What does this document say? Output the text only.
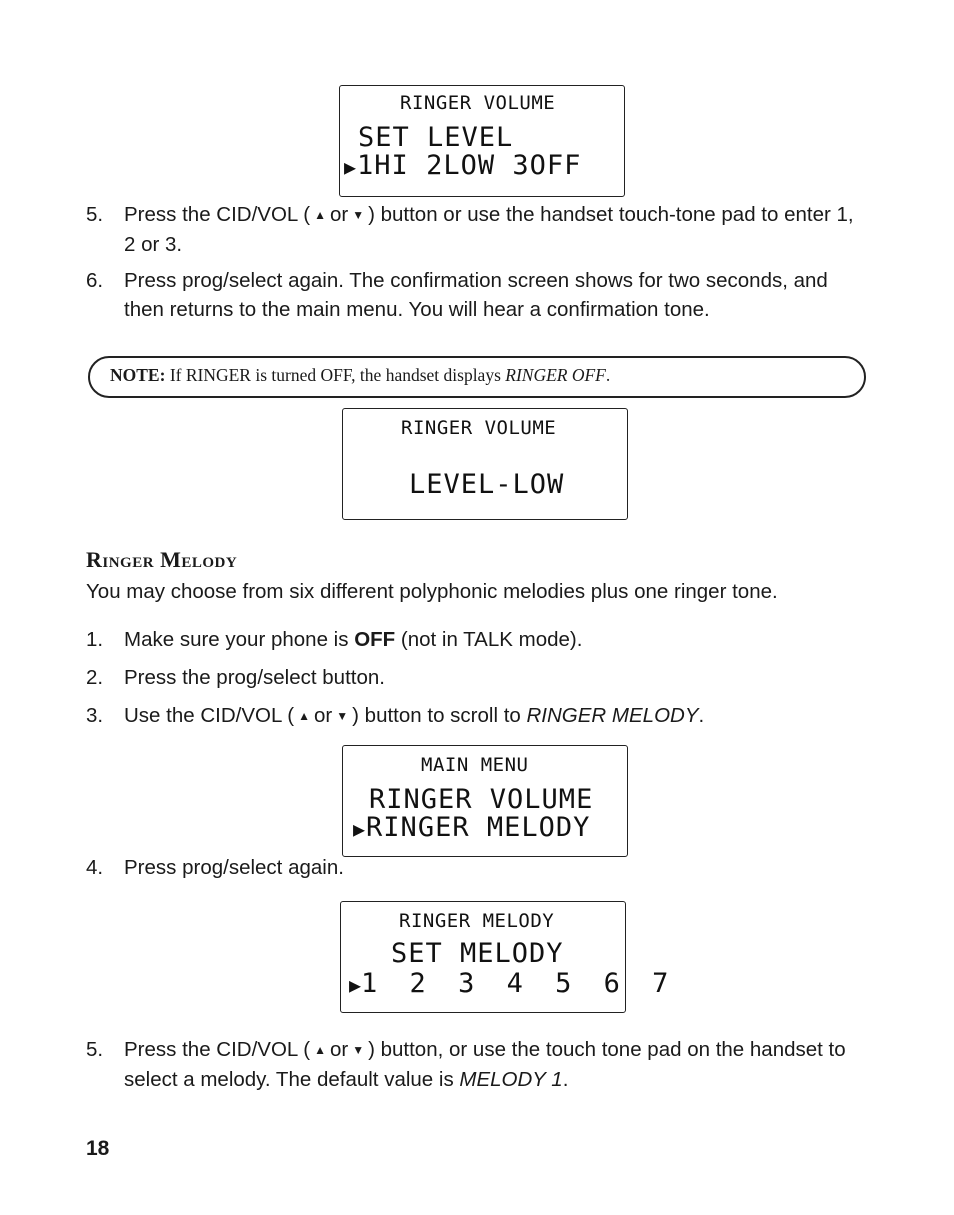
RINGER VOLUME

SET LEVEL

▶1HI 2LOW 3OFF

5. Press the CID/VOL ( ▲ or ▼ ) button or use the handset touch-tone pad to enter 1, 2 or 3.
6. Press prog/select again. The confirmation screen shows for two seconds, and then returns to the main menu. You will hear a confirmation tone.
NOTE: If RINGER is turned OFF, the handset displays RINGER OFF.

RINGER VOLUME

LEVEL-LOW

Ringer Melody
You may choose from six different polyphonic melodies plus one ringer tone.
1. Make sure your phone is OFF (not in TALK mode).
2. Press the prog/select button.
3. Use the CID/VOL ( ▲ or ▼ ) button to scroll to RINGER MELODY.

MAIN MENU

RINGER VOLUME

▶RINGER MELODY

4. Press prog/select again.

RINGER MELODY

SET MELODY

▶1 2 3 4 5 6 7

5. Press the CID/VOL ( ▲ or ▼ ) button, or use the touch tone pad on the handset to select a melody. The default value is MELODY 1.
18
